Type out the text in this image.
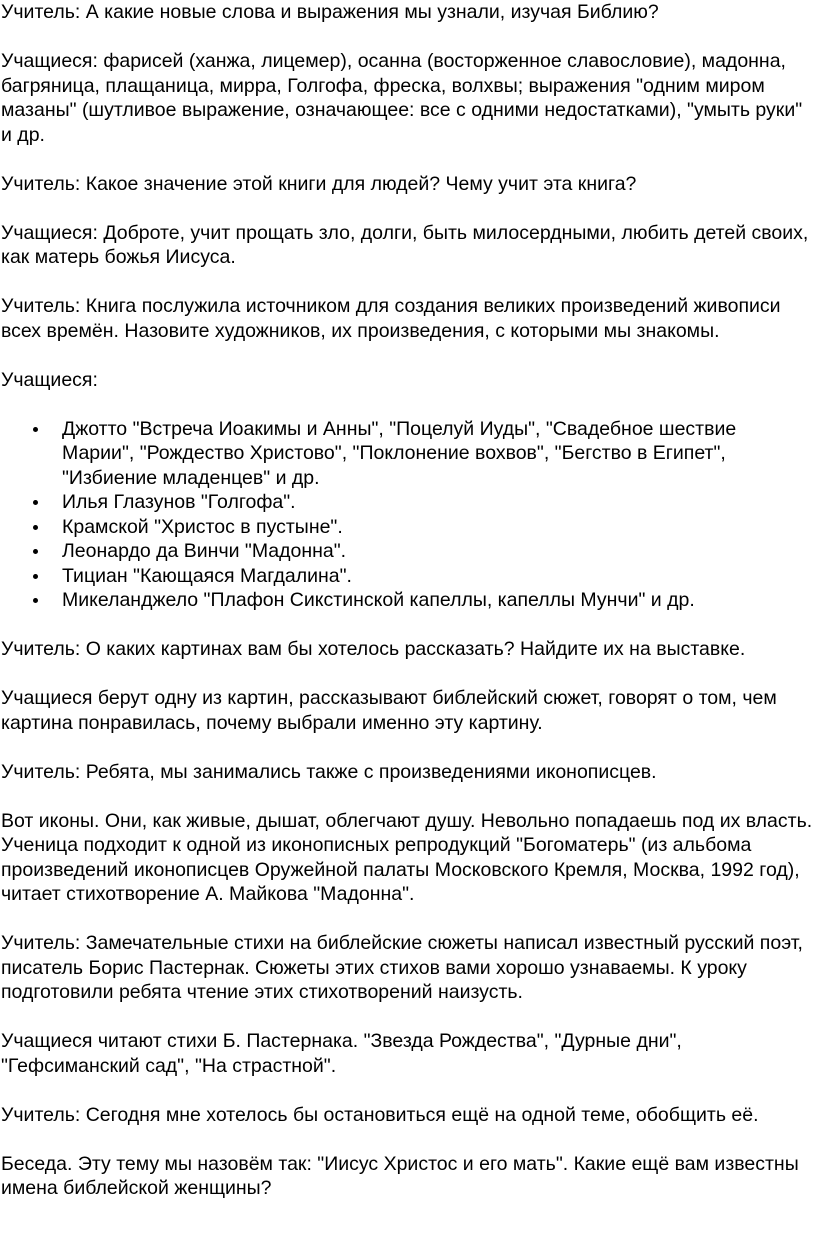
Учитель: А какие новые слова и выражения мы узнали, изучая Библию?

Учащиеся: фарисей (ханжа, лицемер), осанна (восторженное славословие), мадонна, багряница, плащаница, мирра, Голгофа, фреска, волхвы; выражения "одним миром мазаны" (шутливое выражение, означающее: все с одними недостатками), "умыть руки" и др.

Учитель: Какое значение этой книги для людей? Чему учит эта книга?

Учащиеся: Доброте, учит прощать зло, долги, быть милосердными, любить детей своих, как матерь божья Иисуса.

Учитель: Книга послужила источником для создания великих произведений живописи всех времён. Назовите художников, их произведения, с которыми мы знакомы.

Учащиеся:

Джотто "Встреча Иоакимы и Анны", "Поцелуй Иуды", "Свадебное шествие Марии", "Рождество Христово", "Поклонение вохвов", "Бегство в Египет", "Избиение младенцев" и др.
Илья Глазунов "Голгофа".
Крамской "Христос в пустыне".
Леонардо да Винчи "Мадонна".
Тициан "Кающаяся Магдалина".
Микеланджело "Плафон Сикстинской капеллы, капеллы Мунчи" и др.

Учитель: О каких картинах вам бы хотелось рассказать? Найдите их на выставке.

Учащиеся берут одну из картин, рассказывают библейский сюжет, говорят о том, чем картина понравилась, почему выбрали именно эту картину.

Учитель: Ребята, мы занимались также с произведениями иконописцев.

Вот иконы. Они, как живые, дышат, облегчают душу. Невольно попадаешь под их власть. Ученица подходит к одной из иконописных репродукций "Богоматерь" (из альбома произведений иконописцев Оружейной палаты Московского Кремля, Москва, 1992 год), читает стихотворение А. Майкова "Мадонна".

Учитель: Замечательные стихи на библейские сюжеты написал известный русский поэт, писатель Борис Пастернак. Сюжеты этих стихов вами хорошо узнаваемы. К уроку подготовили ребята чтение этих стихотворений наизусть.

Учащиеся читают стихи Б. Пастернака. "Звезда Рождества", "Дурные дни", "Гефсиманский сад", "На страстной".

Учитель: Сегодня мне хотелось бы остановиться ещё на одной теме, обобщить её.

Беседа. Эту тему мы назовём так: "Иисус Христос и его мать". Какие ещё вам известны имена библейской женщины?
